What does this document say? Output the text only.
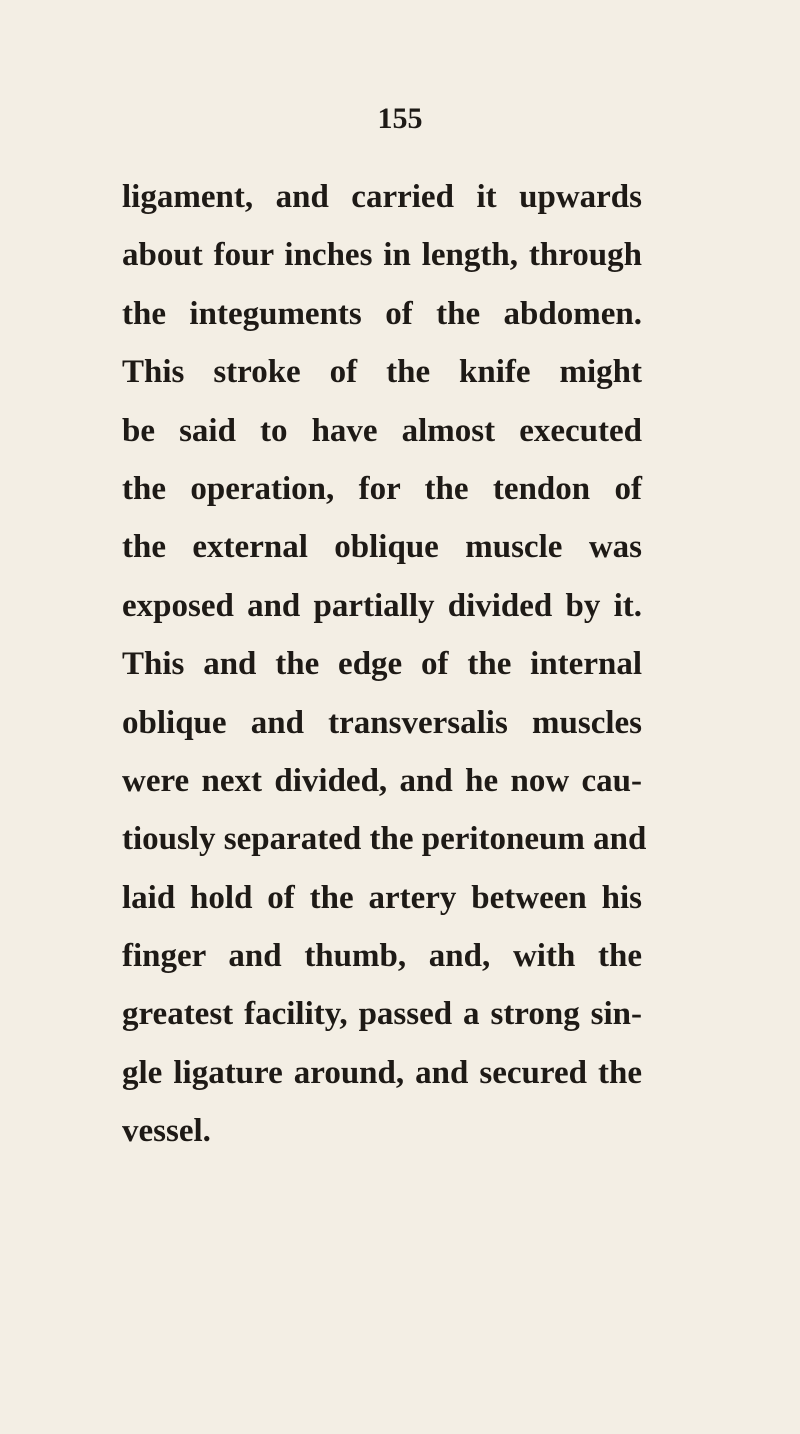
155
ligament, and carried it upwards
about four inches in length, through
the integuments of the abdomen.
This stroke of the knife might
be said to have almost executed
the operation, for the tendon of
the external oblique muscle was
exposed and partially divided by it.
This and the edge of the internal
oblique and transversalis muscles
were next divided, and he now cau-
tiously separated the peritoneum and
laid hold of the artery between his
finger and thumb, and, with the
greatest facility, passed a strong sin-
gle ligature around, and secured the
vessel.
